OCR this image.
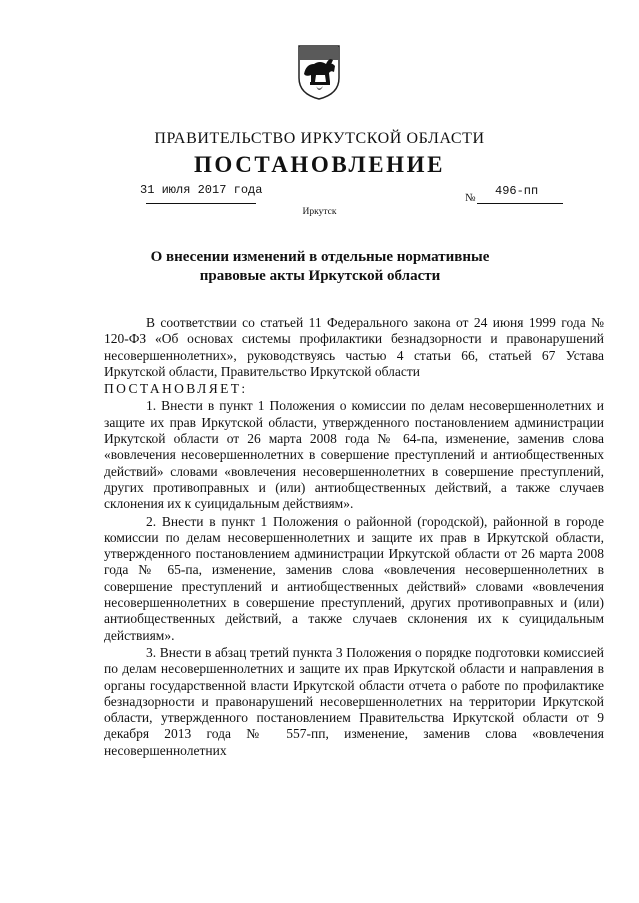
ПРАВИТЕЛЬСТВО ИРКУТСКОЙ ОБЛАСТИ
ПОСТАНОВЛЕНИЕ
31 июля 2017 года
№ 496-пп
Иркутск
О внесении изменений в отдельные нормативные правовые акты Иркутской области

В соответствии со статьей 11 Федерального закона от 24 июня 1999 года № 120-ФЗ «Об основах системы профилактики безнадзорности и правонарушений несовершеннолетних», руководствуясь частью 4 статьи 66, статьей 67 Устава Иркутской области, Правительство Иркутской области

ПОСТАНОВЛЯЕТ:

1. Внести в пункт 1 Положения о комиссии по делам несовершеннолетних и защите их прав Иркутской области, утвержденного постановлением администрации Иркутской области от 26 марта 2008 года № 64-па, изменение, заменив слова «вовлечения несовершеннолетних в совершение преступлений и антиобщественных действий» словами «вовлечения несовершеннолетних в совершение преступлений, других противоправных и (или) антиобщественных действий, а также случаев склонения их к суицидальным действиям».

2. Внести в пункт 1 Положения о районной (городской), районной в городе комиссии по делам несовершеннолетних и защите их прав в Иркутской области, утвержденного постановлением администрации Иркутской области от 26 марта 2008 года № 65-па, изменение, заменив слова «вовлечения несовершеннолетних в совершение преступлений и антиобщественных действий» словами «вовлечения несовершеннолетних в совершение преступлений, других противоправных и (или) антиобщественных действий, а также случаев склонения их к суицидальным действиям».

3. Внести в абзац третий пункта 3 Положения о порядке подготовки комиссией по делам несовершеннолетних и защите их прав Иркутской области и направления в органы государственной власти Иркутской области отчета о работе по профилактике безнадзорности и правонарушений несовершеннолетних на территории Иркутской области, утвержденного постановлением Правительства Иркутской области от 9 декабря 2013 года № 557-пп, изменение, заменив слова «вовлечения несовершеннолетних
